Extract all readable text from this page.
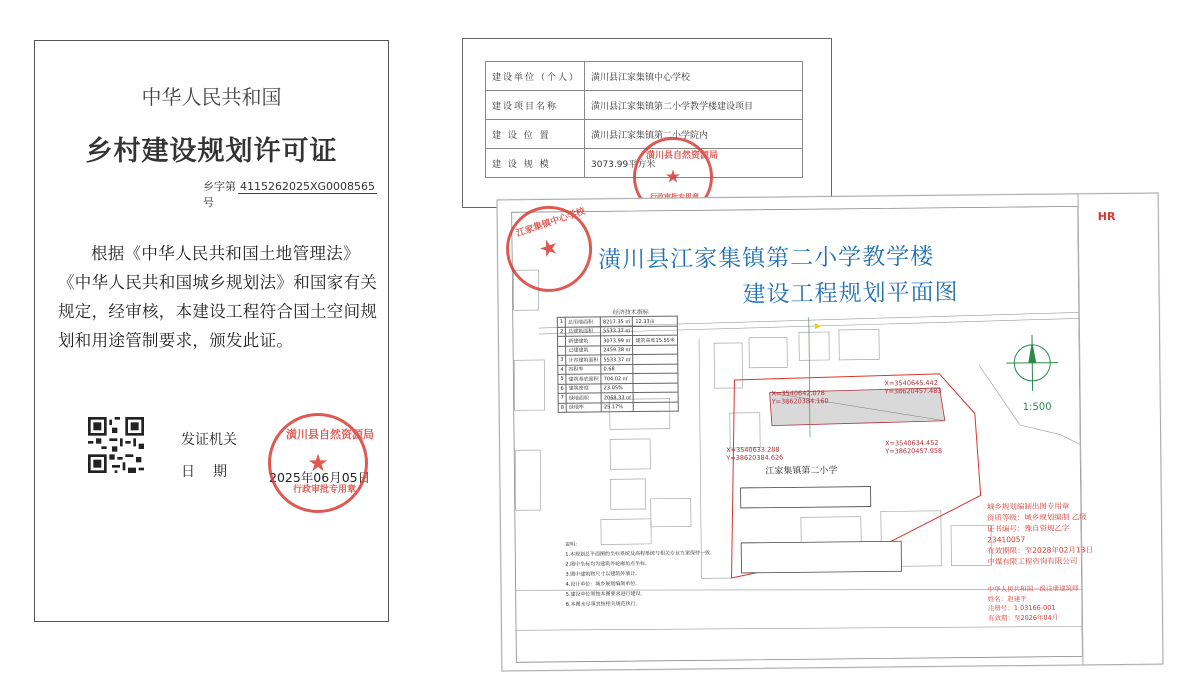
中华人民共和国
乡村建设规划许可证
乡字第 4115262025XG0008565号
根据《中华人民共和国土地管理法》《中华人民共和国城乡规划法》和国家有关规定，经审核，本建设工程符合国土空间规划和用途管制要求，颁发此证。
发证机关
日期 2025年06月05日
★
潢川县自然资源局
行政审批专用章
建设单位（个人）	潢川县江家集镇中心学校
建设项目名称	潢川县江家集镇第二小学教学楼建设项目
建 设 位 置	潢川县江家集镇第二小学院内
建 设 规 模	3073.99平方米
★
潢川县自然资源局
★
江家集镇中心学校
潢川县江家集镇第二小学教学楼
建设工程规划平面图
经济技术指标
1	总用地面积	8217.35 ㎡	12.33亩
2	总建筑面积	5533.37 ㎡	
	新建建筑	3073.99 ㎡	建筑高度15.55米
	已建建筑	2459.38 ㎡	
3	计容建筑面积	5533.37 ㎡	
4	容积率	0.68	
5	建筑基底面积	704.02 ㎡	
6	建筑密度	23.05%	
7	绿地面积	2068.33 ㎡	
8	绿地率	25.17%	
X=3540645.442
Y=38620457.483
X=3540642.078
Y=38620384.160
X=3540634.452
Y=38620457.958
X=3540633.288
Y=38620384.626
江家集镇第二小学
1:500
说明：
1.本规划总平面图的坐标系统及高程系统与相关专业方案保持一致。
2.图中坐标均为建筑外轮廓角点坐标。
3.图中建筑物尺寸以建筑外墙计。
4.设计单位：城乡规划编制单位。
5.建设单位须按本图要求进行建设。
6.本图未尽事宜按相关规范执行。
城乡规划编制出图专用章
资质等级：城乡规划编制 乙级
证书编号：豫自资规乙字23410057
有效期限：至2028年02月13日
中煤有限工程咨询有限公司
中华人民共和国一级注册建筑师
姓名：赵建平
注册号：1 03166-001
有效期：至2026年04月
HR
